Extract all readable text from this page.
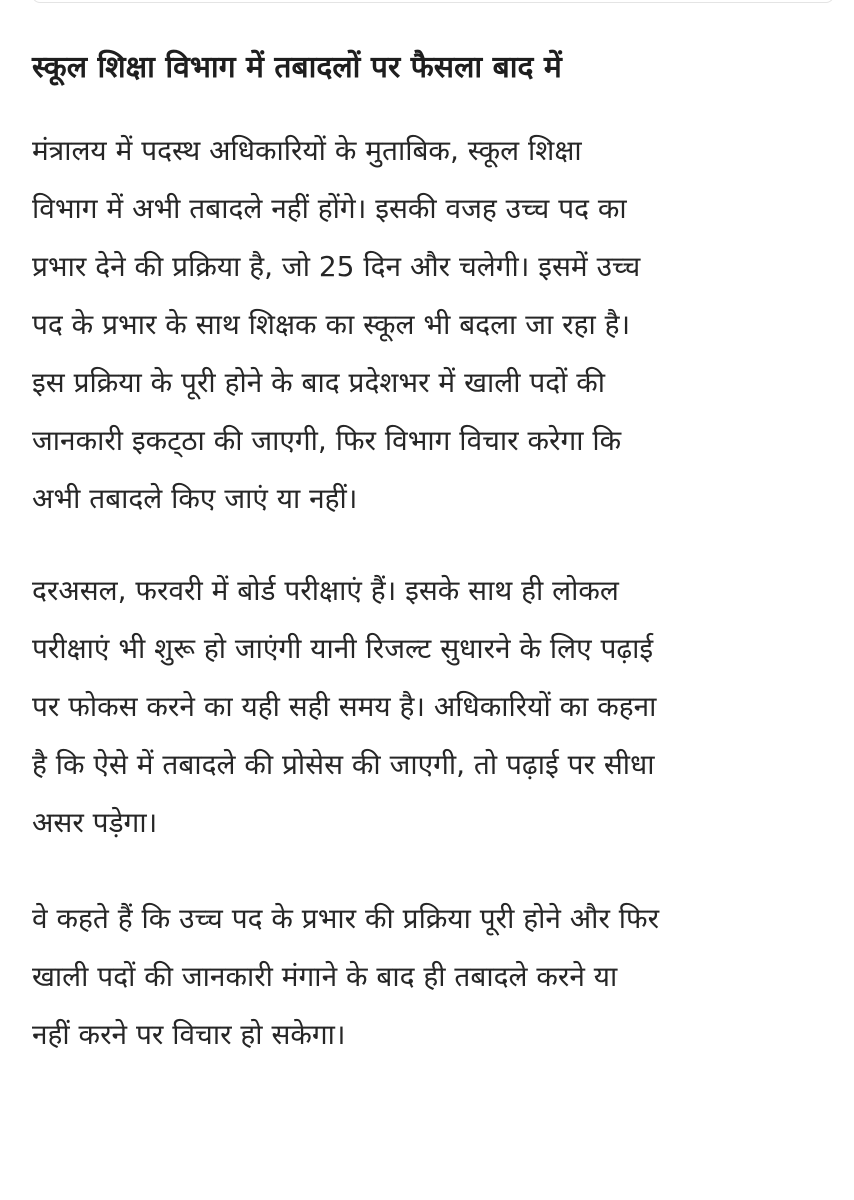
स्कूल शिक्षा विभाग में तबादलों पर फैसला बाद में

मंत्रालय में पदस्थ अधिकारियों के मुताबिक, स्कूल शिक्षा
विभाग में अभी तबादले नहीं होंगे। इसकी वजह उच्च पद का
प्रभार देने की प्रक्रिया है, जो 25 दिन और चलेगी। इसमें उच्च
पद के प्रभार के साथ शिक्षक का स्कूल भी बदला जा रहा है।
इस प्रक्रिया के पूरी होने के बाद प्रदेशभर में खाली पदों की
जानकारी इकट्‌ठा की जाएगी, फिर विभाग विचार करेगा कि
अभी तबादले किए जाएं या नहीं।

दरअसल, फरवरी में बोर्ड परीक्षाएं हैं। इसके साथ ही लोकल
परीक्षाएं भी शुरू हो जाएंगी यानी रिजल्ट सुधारने के लिए पढ़ाई
पर फोकस करने का यही सही समय है। अधिकारियों का कहना
है कि ऐसे में तबादले की प्रोसेस की जाएगी, तो पढ़ाई पर सीधा
असर पड़ेगा।

वे कहते हैं कि उच्च पद के प्रभार की प्रक्रिया पूरी होने और फिर
खाली पदों की जानकारी मंगाने के बाद ही तबादले करने या
नहीं करने पर विचार हो सकेगा।
